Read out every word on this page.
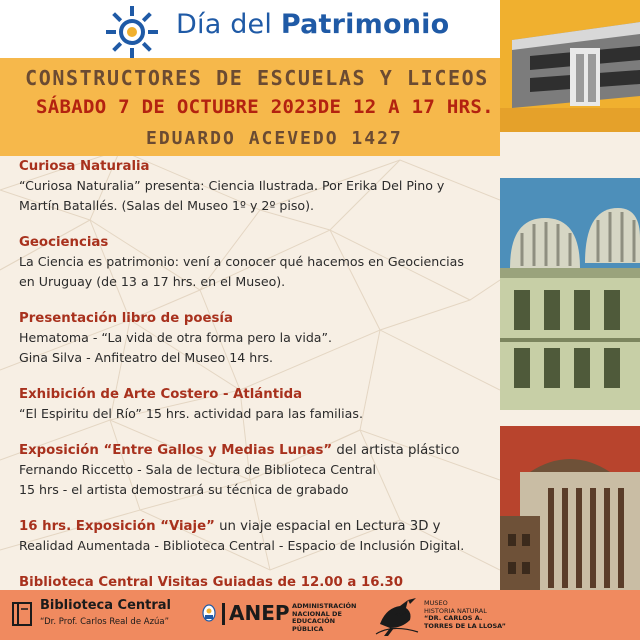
Día del Patrimonio
CONSTRUCTORES DE ESCUELAS Y LICEOS
SÁBADO 7 DE OCTUBRE 2023DE 12 A 17 HRS.
EDUARDO ACEVEDO 1427
Curiosa Naturalia
“Curiosa Naturalia” presenta: Ciencia Ilustrada. Por Erika Del Pino y
Martín Batallés. (Salas del Museo 1º y 2º piso).
Geociencias
La Ciencia es patrimonio: vení a conocer qué hacemos en Geociencias
en Uruguay (de 13 a 17 hrs. en el Museo).
Presentación libro de poesía
Hematoma - “La vida de otra forma pero la vida”.
Gina Silva - Anfiteatro del Museo 14 hrs.
Exhibición de Arte Costero - Atlántida
“El Espiritu del Río” 15 hrs. actividad para las familias.
Exposición “Entre Gallos y Medias Lunas” del artista plástico
Fernando Riccetto - Sala de lectura de Biblioteca Central
15 hrs - el artista demostrará su técnica de grabado
16 hrs. Exposición “Viaje” un viaje espacial en Lectura 3D y
Realidad Aumentada - Biblioteca Central - Espacio de Inclusión Digital.
Biblioteca Central Visitas Guiadas de 12.00 a 16.30
Biblioteca Central
“Dr. Prof. Carlos Real de Azúa”	ANEP ADMINISTRACIÓN
NACIONAL DE
EDUCACIÓN PÚBLICA
MUSEO
HISTORIA NATURAL
“DR. CARLOS A.
TORRES DE LA LLOSA”
